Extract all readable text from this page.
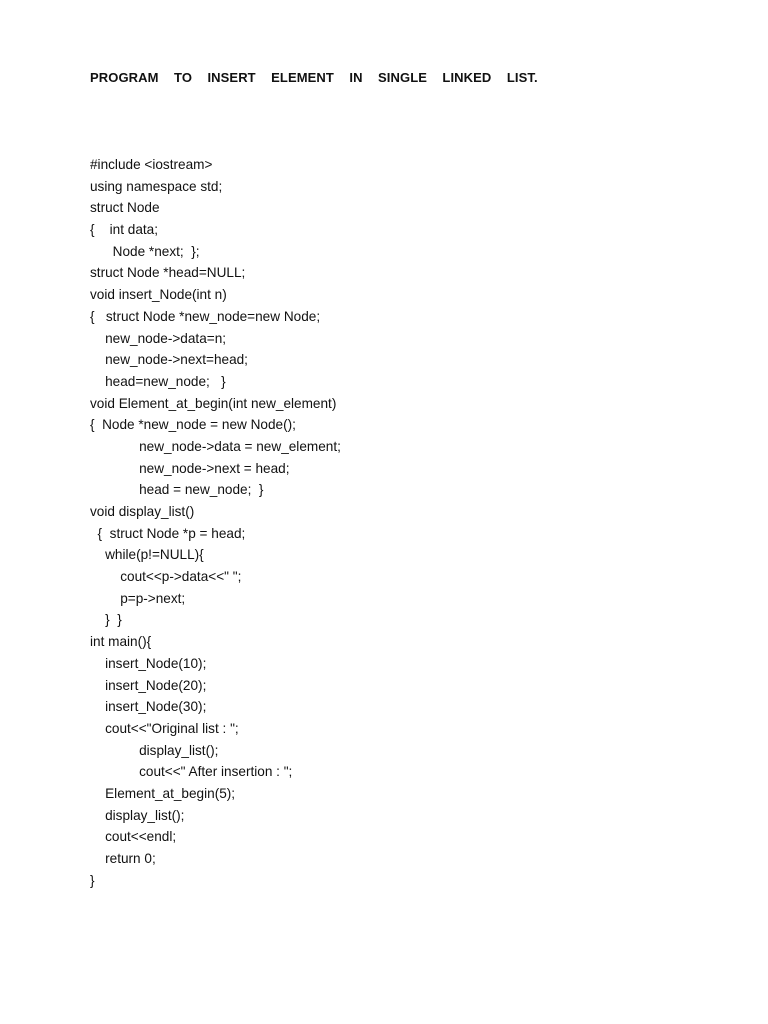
PROGRAM  TO  INSERT  ELEMENT  IN  SINGLE  LINKED  LIST.
#include <iostream>
using namespace std;
struct Node
{    int data;
Node *next;  };
struct Node *head=NULL;
void insert_Node(int n)
{   struct Node *new_node=new Node;
new_node->data=n;
new_node->next=head;
head=new_node;   }
void Element_at_begin(int new_element)
{  Node *new_node = new Node();
new_node->data = new_element;
new_node->next = head;
head = new_node;  }
void display_list()
{  struct Node *p = head;
while(p!=NULL){
cout<<p->data<<" ";
p=p->next;
}  }
int main(){
insert_Node(10);
insert_Node(20);
insert_Node(30);
cout<<"Original list : ";
display_list();
cout<<" After insertion : ";
Element_at_begin(5);
display_list();
cout<<endl;
return 0;
}
